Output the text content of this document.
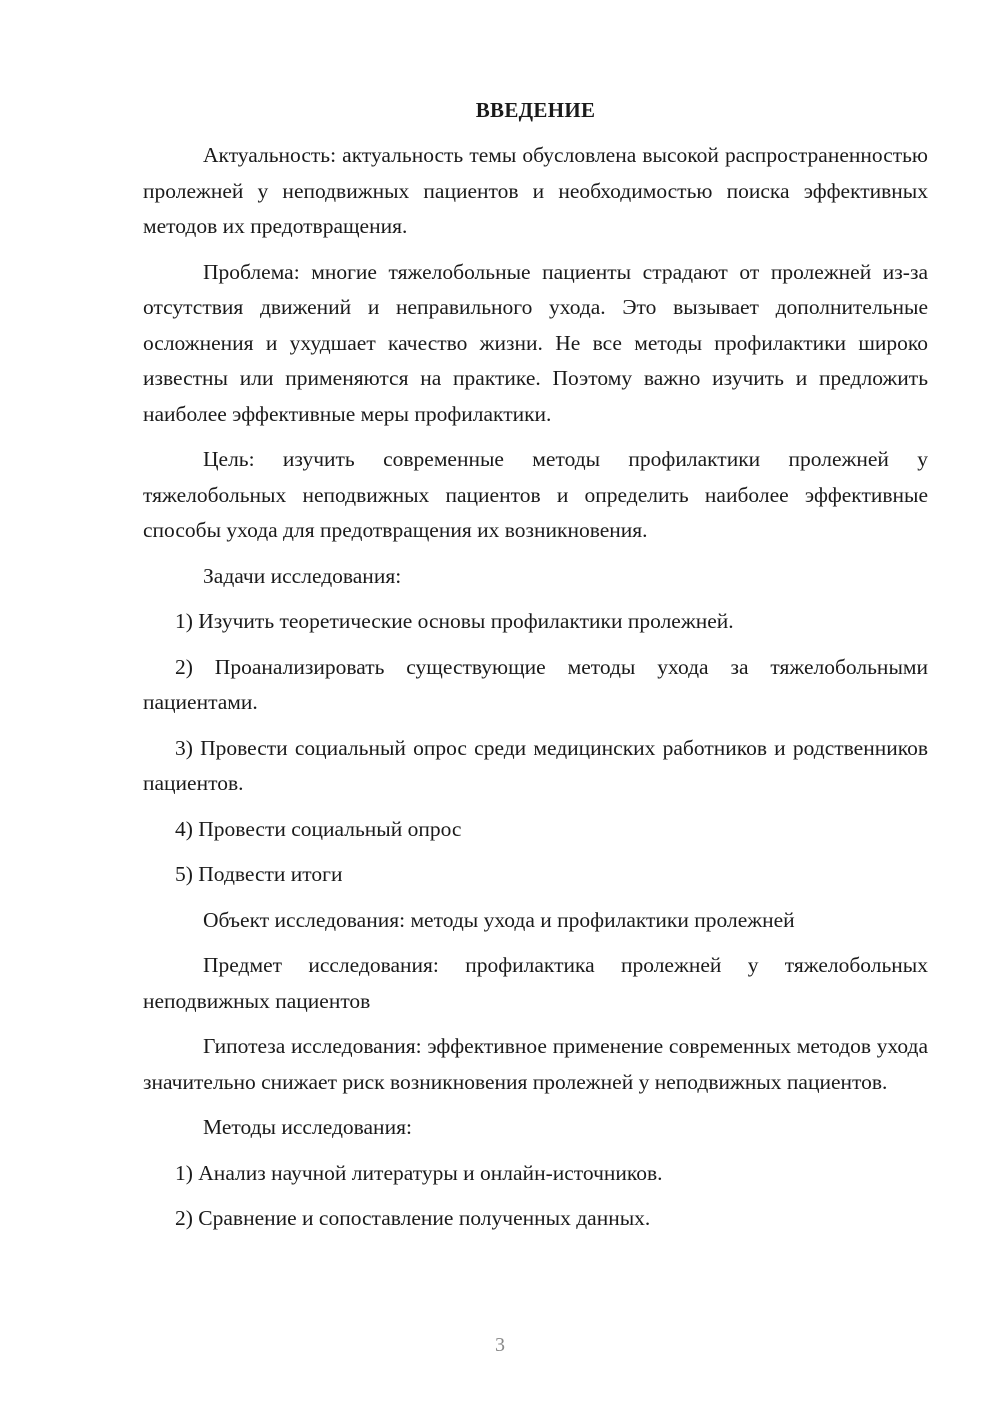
ВВЕДЕНИЕ

Актуальность: актуальность темы обусловлена высокой распространенностью пролежней у неподвижных пациентов и необходимостью поиска эффективных методов их предотвращения.

Проблема: многие тяжелобольные пациенты страдают от пролежней из-за отсутствия движений и неправильного ухода. Это вызывает дополнительные осложнения и ухудшает качество жизни. Не все методы профилактики широко известны или применяются на практике. Поэтому важно изучить и предложить наиболее эффективные меры профилактики.

Цель: изучить современные методы профилактики пролежней у тяжелобольных неподвижных пациентов и определить наиболее эффективные способы ухода для предотвращения их возникновения.

Задачи исследования:

1) Изучить теоретические основы профилактики пролежней.

2) Проанализировать существующие методы ухода за тяжелобольными пациентами.

3) Провести социальный опрос среди медицинских работников и родственников пациентов.

4) Провести социальный опрос

5) Подвести итоги

Объект исследования: методы ухода и профилактики пролежней

Предмет исследования: профилактика пролежней у тяжелобольных неподвижных пациентов

Гипотеза исследования: эффективное применение современных методов ухода значительно снижает риск возникновения пролежней у неподвижных пациентов.

Методы исследования:

1) Анализ научной литературы и онлайн-источников.

2) Сравнение и сопоставление полученных данных.

3
